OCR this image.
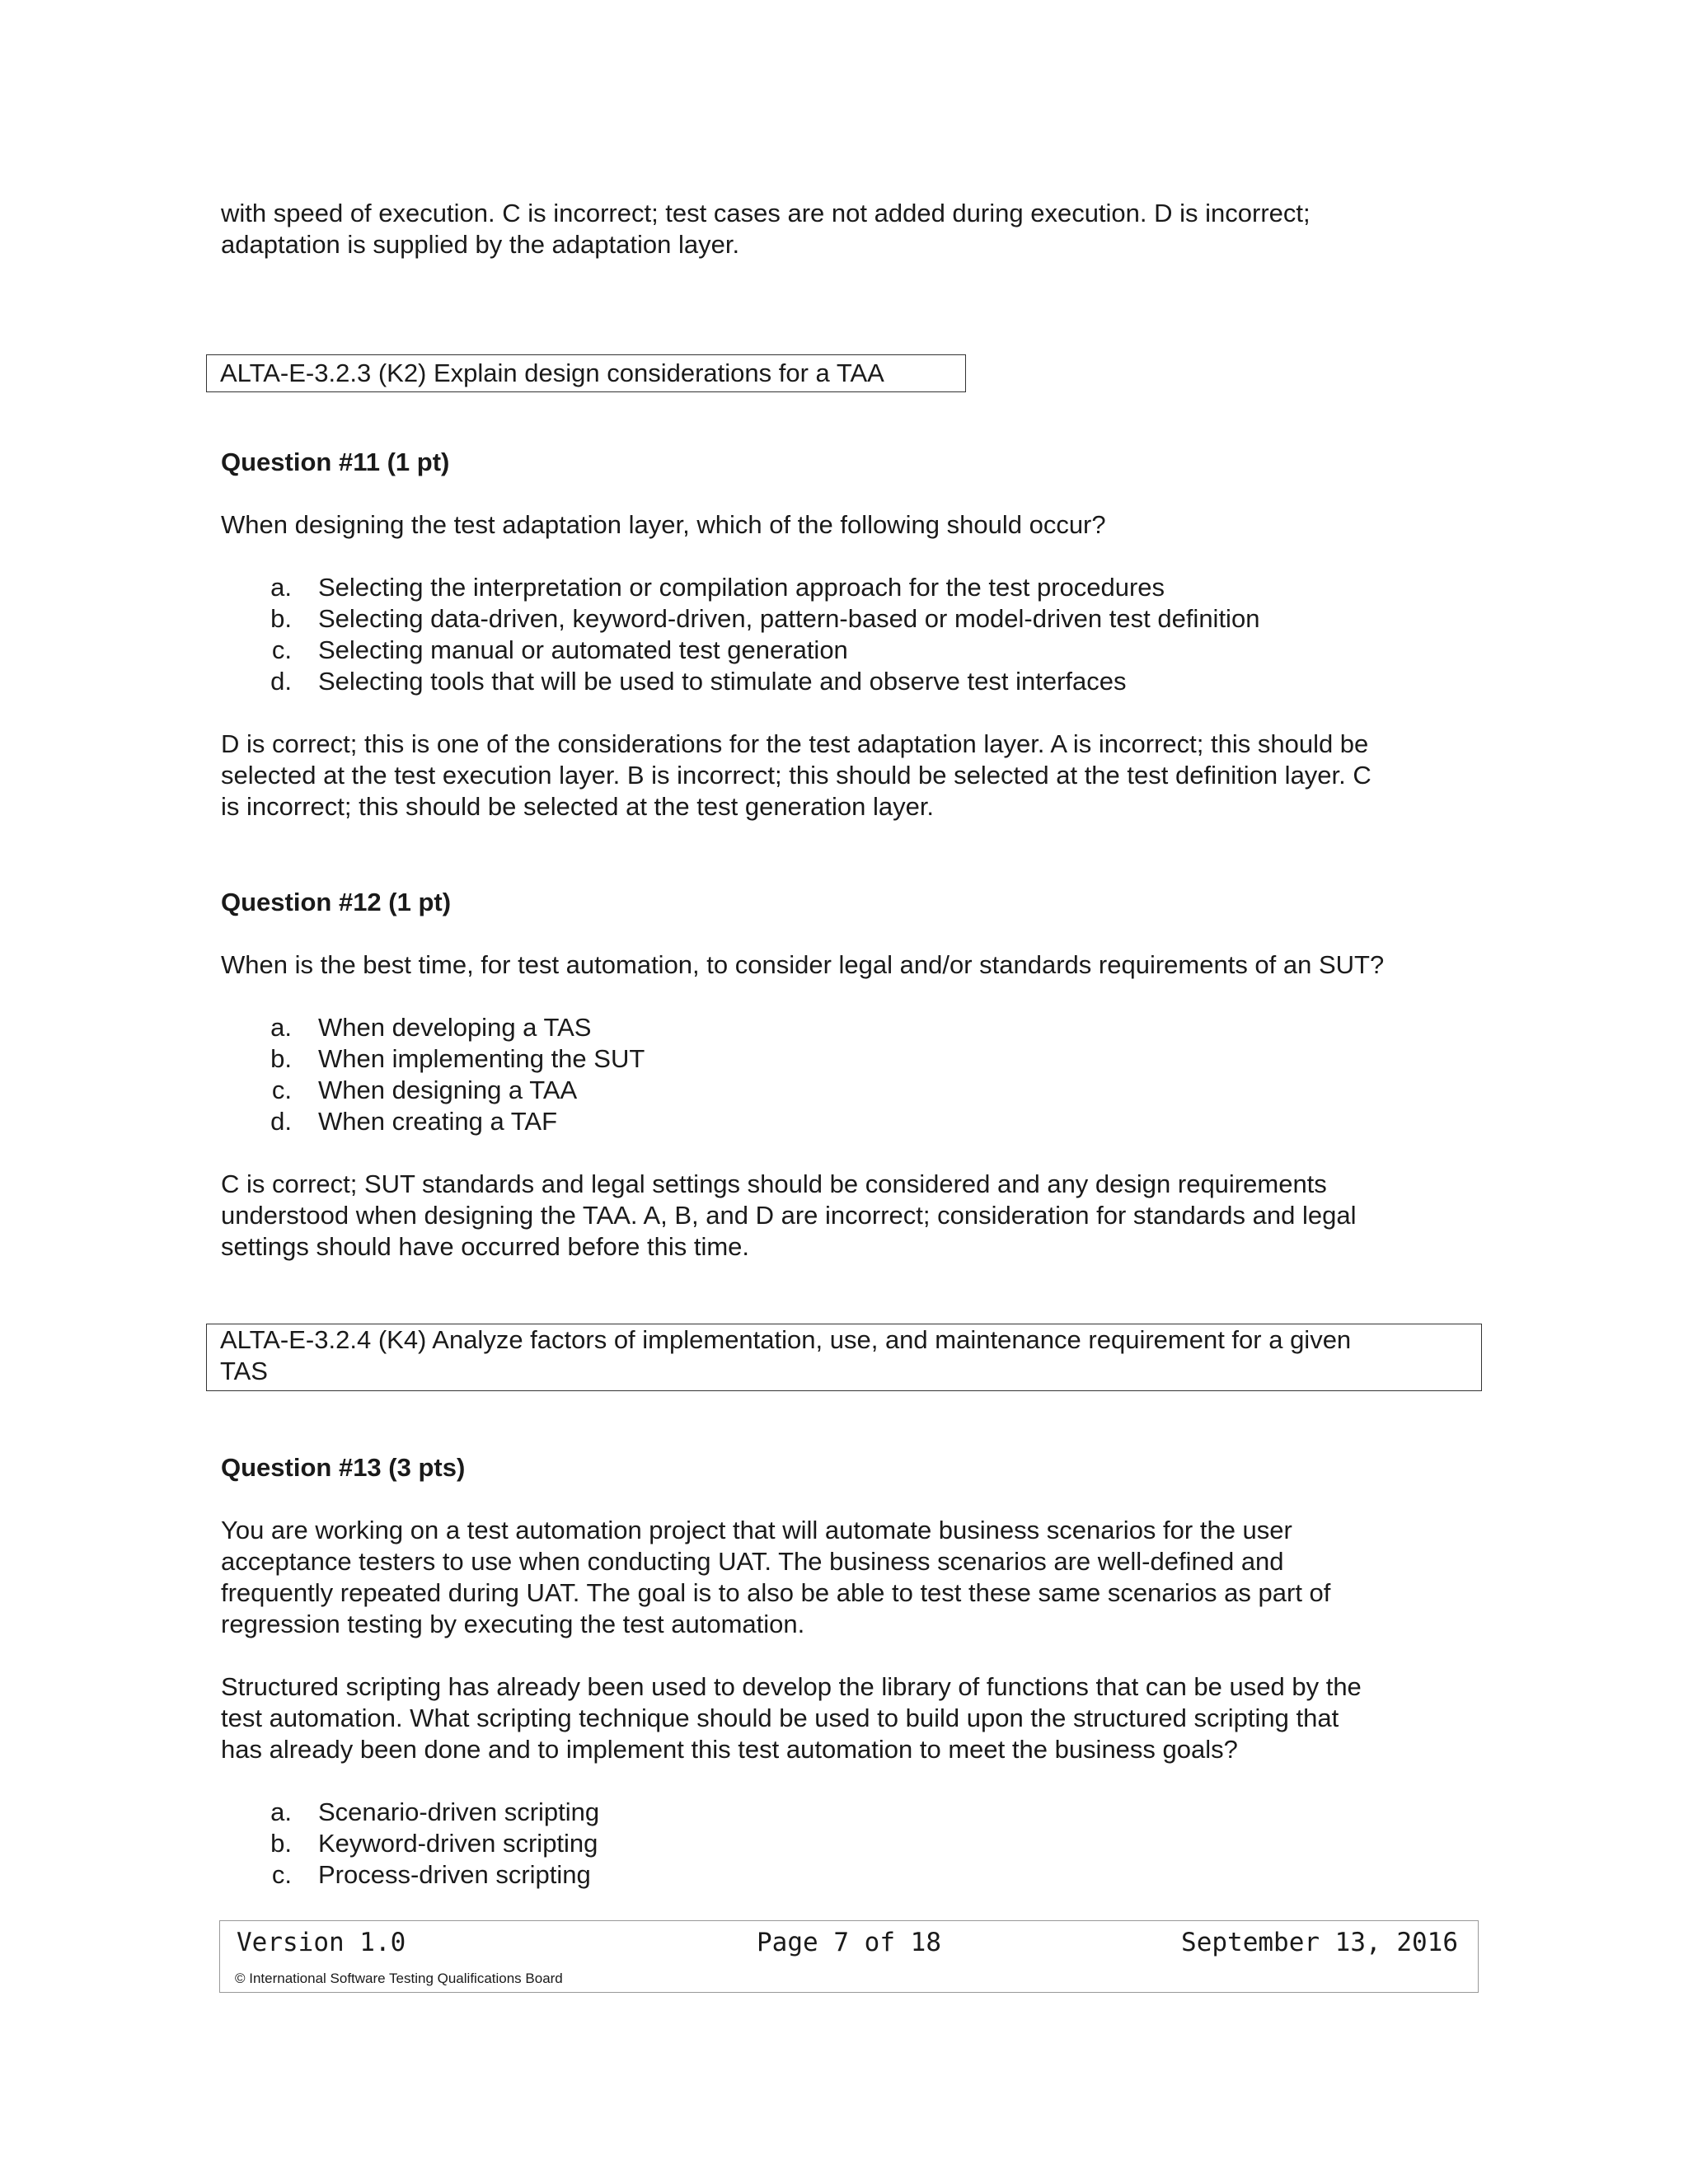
with speed of execution. C is incorrect; test cases are not added during execution. D is incorrect;
adaptation is supplied by the adaptation layer.
ALTA-E-3.2.3 (K2) Explain design considerations for a TAA
Question #11 (1 pt)
When designing the test adaptation layer, which of the following should occur?
a. Selecting the interpretation or compilation approach for the test procedures
b. Selecting data-driven, keyword-driven, pattern-based or model-driven test definition
c. Selecting manual or automated test generation
d. Selecting tools that will be used to stimulate and observe test interfaces
D is correct; this is one of the considerations for the test adaptation layer. A is incorrect; this should be
selected at the test execution layer. B is incorrect; this should be selected at the test definition layer. C
is incorrect; this should be selected at the test generation layer.
Question #12 (1 pt)
When is the best time, for test automation, to consider legal and/or standards requirements of an SUT?
a. When developing a TAS
b. When implementing the SUT
c. When designing a TAA
d. When creating a TAF
C is correct; SUT standards and legal settings should be considered and any design requirements
understood when designing the TAA. A, B, and D are incorrect; consideration for standards and legal
settings should have occurred before this time.
ALTA-E-3.2.4 (K4) Analyze factors of implementation, use, and maintenance requirement for a given
TAS
Question #13 (3 pts)
You are working on a test automation project that will automate business scenarios for the user
acceptance testers to use when conducting UAT. The business scenarios are well-defined and
frequently repeated during UAT. The goal is to also be able to test these same scenarios as part of
regression testing by executing the test automation.
Structured scripting has already been used to develop the library of functions that can be used by the
test automation. What scripting technique should be used to build upon the structured scripting that
has already been done and to implement this test automation to meet the business goals?
a. Scenario-driven scripting
b. Keyword-driven scripting
c. Process-driven scripting
Version 1.0	Page 7 of 18	September 13, 2016
© International Software Testing Qualifications Board
